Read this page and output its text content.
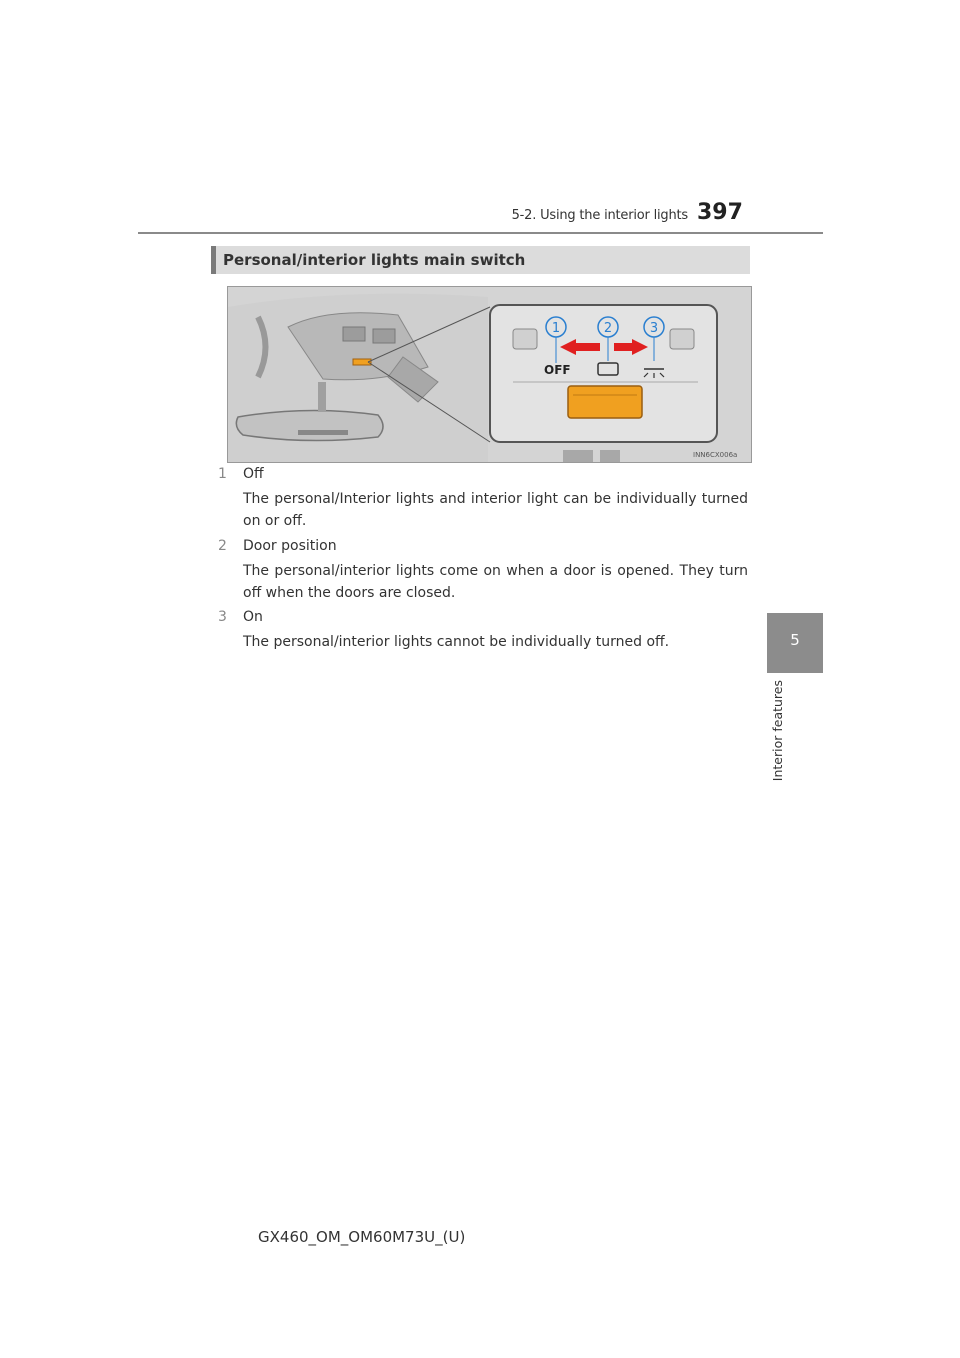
5-2. Using the interior lights 397
Personal/interior lights main switch
1	2	3
OFF
INN6CX006a
1 Off
The personal/Interior lights and interior light can be individually turned on or off.
2 Door position
The personal/interior lights come on when a door is opened. They turn off when the doors are closed.
3 On
The personal/interior lights cannot be individually turned off.	5
Interior features
GX460_OM_OM60M73U_(U)
